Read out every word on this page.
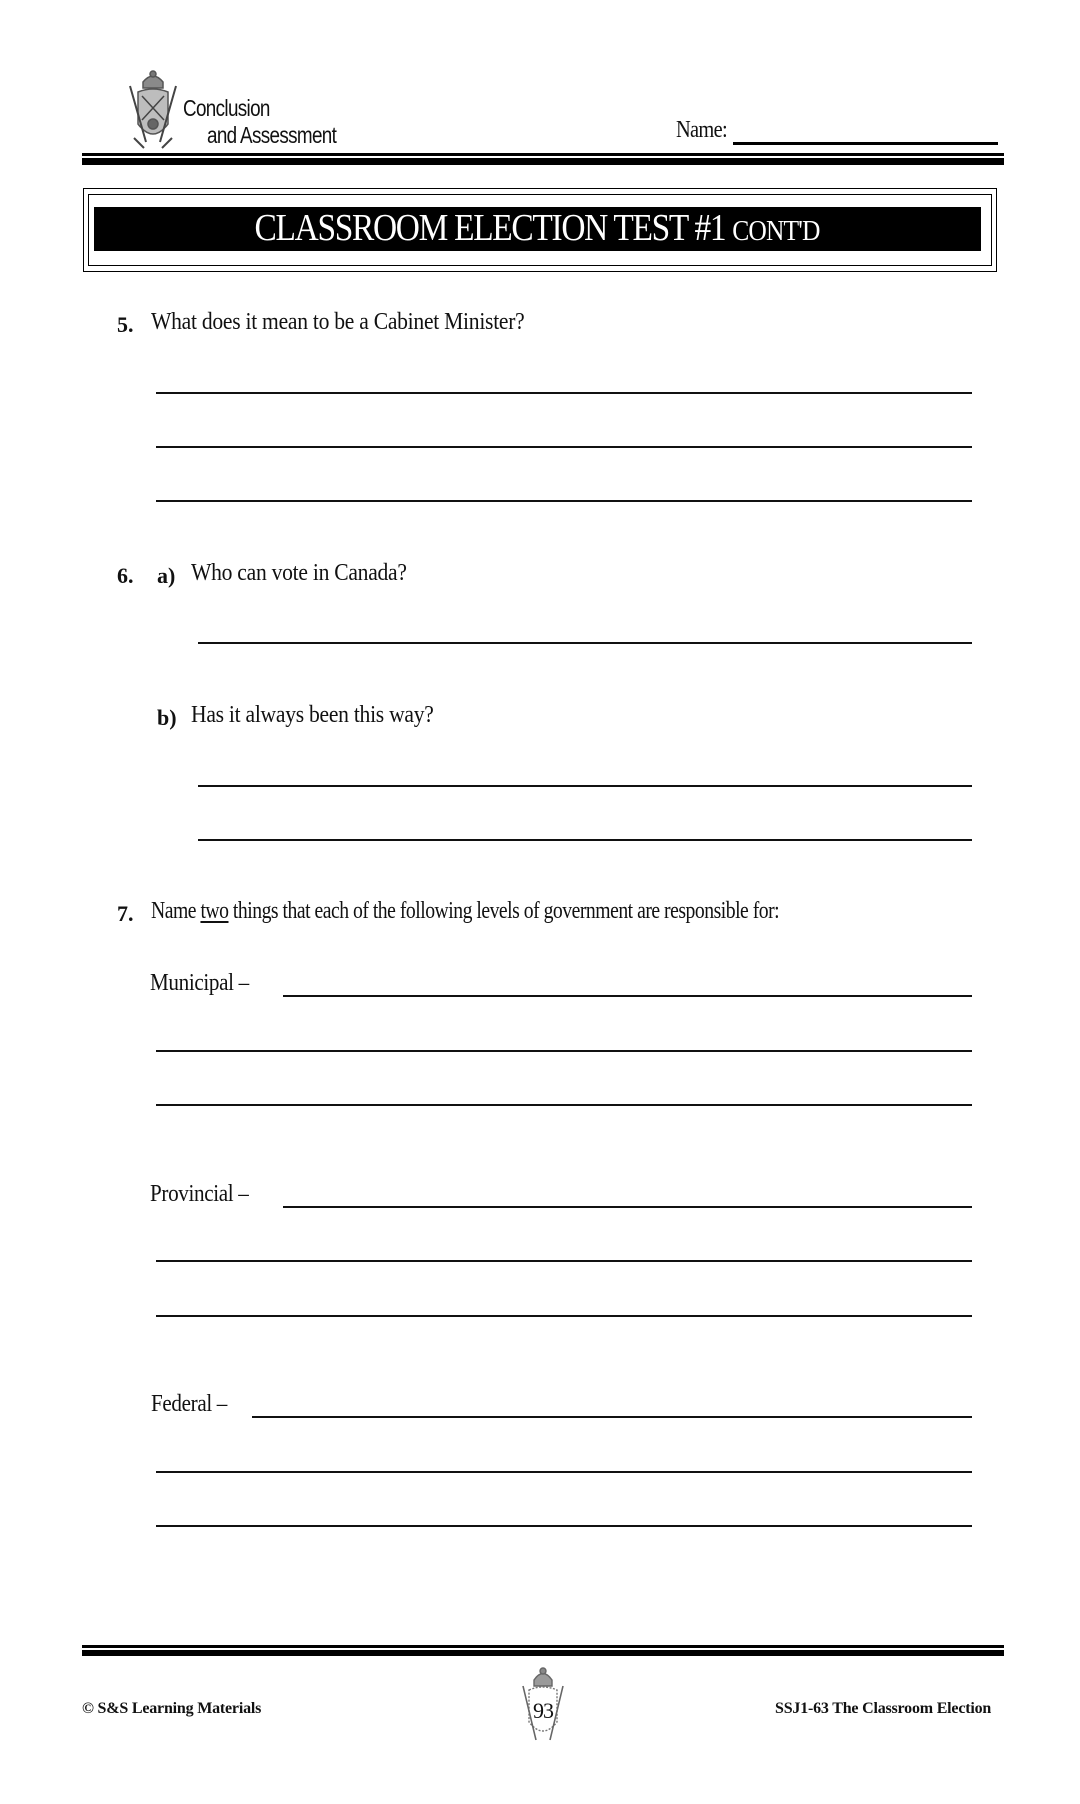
Conclusion
and Assessment	Name:
CLASSROOM ELECTION TEST #1 CONT'D
5. What does it mean to be a Cabinet Minister?
6. a) Who can vote in Canada?
b) Has it always been this way?
7. Name two things that each of the following levels of government are responsible for:
Municipal –
Provincial –
Federal –
© S&S Learning Materials	93	SSJ1-63 The Classroom Election
